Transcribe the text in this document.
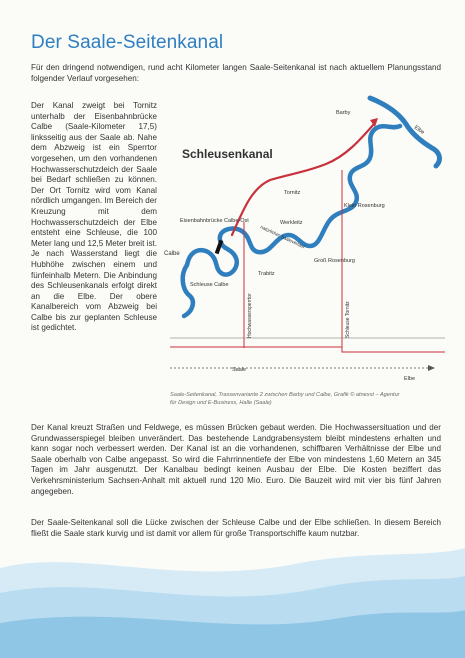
Der Saale-Seitenkanal
Für den dringend notwendigen, rund acht Kilometer langen Saale-Seitenkanal ist nach aktuellem Planungsstand folgender Verlauf vorgesehen:
Der Kanal zweigt bei Tornitz unterhalb der Eisenbahnbrücke Calbe (Saale-Kilometer 17,5) linksseitig aus der Saale ab. Nahe dem Abzweig ist ein Sperrtor vorgesehen, um den vorhandenen Hochwasserschutzdeich der Saale bei Bedarf schließen zu können. Der Ort Tornitz wird vom Kanal nördlich umgangen. Im Bereich der Kreuzung mit dem Hochwasserschutzdeich der Elbe entsteht eine Schleuse, die 100 Meter lang und 12,5 Meter breit ist. Je nach Wasserstand liegt die Hubhöhe zwischen einem und fünfeinhalb Metern. Die Anbindung des Schleusenkanals erfolgt direkt an die Elbe. Der obere Kanalbereich vom Abzweig bei Calbe bis zur geplanten Schleuse ist gedichtet.
Schleusenkanal
Barby
Elbe
Tornitz
Klein Rosenburg
Werkleitz
Eisenbahnbrücke Calbe-Ost
Calbe
Schleuse Calbe
Trabitz
Groß Rosenburg
natürlicher Saaleverlauf
Hochwassersperrtor	Schleuse Tornitz
Saale
Elbe
Saale-Seitenkanal, Trassenvariante 2 zwischen Barby und Calbe, Grafik © atnexxt – Agentur für Design und E-Business, Halle (Saale)
Der Kanal kreuzt Straßen und Feldwege, es müssen Brücken gebaut werden. Die Hochwassersituation und der Grundwasserspiegel bleiben unverändert. Das bestehende Landgrabensystem bleibt mindestens erhalten und kann sogar noch verbessert werden. Der Kanal ist an die vorhandenen, schiffbaren Verhältnisse der Elbe und Saale oberhalb von Calbe angepasst. So wird die Fahrrinnentiefe der Elbe von mindestens 1,60 Metern an 345 Tagen im Jahr ausgenutzt. Der Kanalbau bedingt keinen Ausbau der Elbe. Die Kosten beziffert das Verkehrsministerium Sachsen-Anhalt mit aktuell rund 120 Mio. Euro. Die Bauzeit wird mit vier bis fünf Jahren angegeben.
Der Saale-Seitenkanal soll die Lücke zwischen der Schleuse Calbe und der Elbe schließen. In diesem Bereich fließt die Saale stark kurvig und ist damit vor allem für große Transportschiffe kaum nutzbar.
